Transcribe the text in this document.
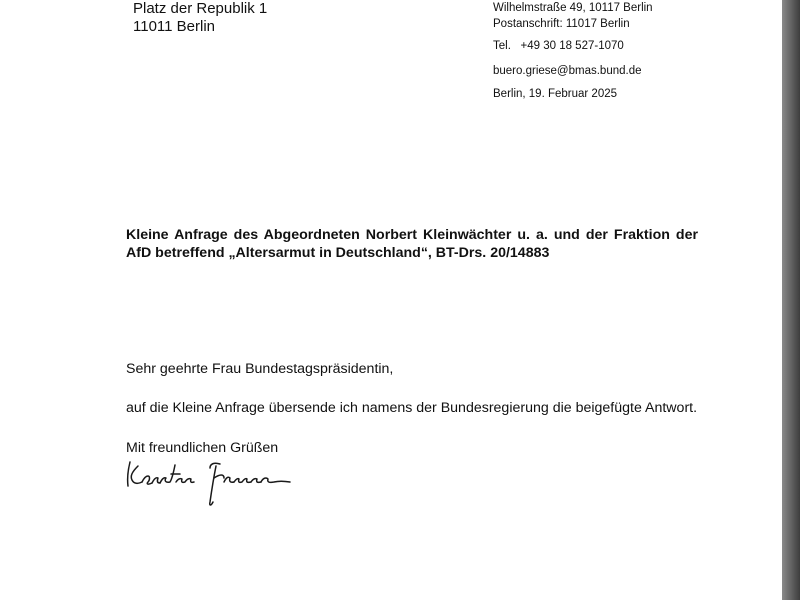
Platz der Republik 1
11011 Berlin
Wilhelmstraße 49, 10117 Berlin
Postanschrift: 11017 Berlin
Tel. +49 30 18 527-1070
buero.griese@bmas.bund.de
Berlin, 19. Februar 2025
Kleine Anfrage des Abgeordneten Norbert Kleinwächter u. a. und der Fraktion der AfD betreffend „Altersarmut in Deutschland“, BT-Drs. 20/14883
Sehr geehrte Frau Bundestagspräsidentin,
auf die Kleine Anfrage übersende ich namens der Bundesregierung die beigefügte Antwort.
Mit freundlichen Grüßen
